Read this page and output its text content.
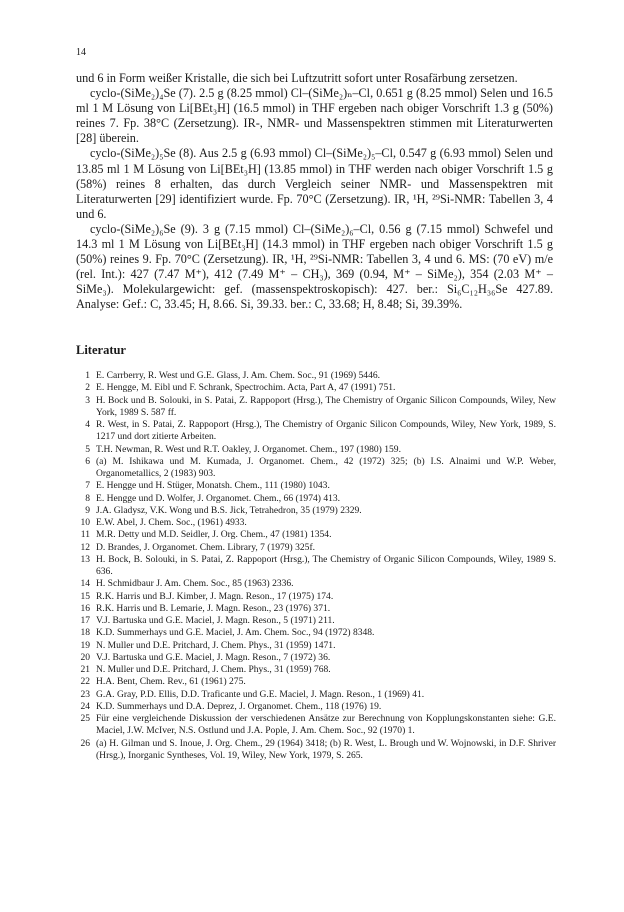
14

und 6 in Form weißer Kristalle, die sich bei Luftzutritt sofort unter Rosafärbung zersetzen.

cyclo-(SiMe₂)₄Se (7). 2.5 g (8.25 mmol) Cl–(SiMe₂)ₙ–Cl, 0.651 g (8.25 mmol) Selen und 16.5 ml 1 M Lösung von Li[BEt₃H] (16.5 mmol) in THF ergeben nach obiger Vorschrift 1.3 g (50%) reines 7. Fp. 38°C (Zersetzung). IR-, NMR- und Massenspektren stimmen mit Literaturwerten [28] überein.

cyclo-(SiMe₂)₅Se (8). Aus 2.5 g (6.93 mmol) Cl–(SiMe₂)₅–Cl, 0.547 g (6.93 mmol) Selen und 13.85 ml 1 M Lösung von Li[BEt₃H] (13.85 mmol) in THF werden nach obiger Vorschrift 1.5 g (58%) reines 8 erhalten, das durch Vergleich seiner NMR- und Massenspektren mit Literaturwerten [29] identifiziert wurde. Fp. 70°C (Zersetzung). IR, ¹H, ²⁹Si-NMR: Tabellen 3, 4 und 6.

cyclo-(SiMe₂)₆Se (9). 3 g (7.15 mmol) Cl–(SiMe₂)₆–Cl, 0.56 g (7.15 mmol) Schwefel und 14.3 ml 1 M Lösung von Li[BEt₃H] (14.3 mmol) in THF ergeben nach obiger Vorschrift 1.5 g (50%) reines 9. Fp. 70°C (Zersetzung). IR, ¹H, ²⁹Si-NMR: Tabellen 3, 4 und 6. MS: (70 eV) m/e (rel. Int.): 427 (7.47 M⁺), 412 (7.49 M⁺ – CH₃), 369 (0.94, M⁺ – SiMe₂), 354 (2.03 M⁺ – SiMe₃). Molekulargewicht: gef. (massenspektroskopisch): 427. ber.: Si₆C₁₂H₃₆Se 427.89. Analyse: Gef.: C, 33.45; H, 8.66. Si, 39.33. ber.: C, 33.68; H, 8.48; Si, 39.39%.

Literatur
1 E. Carrberry, R. West und G.E. Glass, J. Am. Chem. Soc., 91 (1969) 5446.
2 E. Hengge, M. Eibl und F. Schrank, Spectrochim. Acta, Part A, 47 (1991) 751.
3 H. Bock und B. Solouki, in S. Patai, Z. Rappoport (Hrsg.), The Chemistry of Organic Silicon Compounds, Wiley, New York, 1989 S. 587 ff.
4 R. West, in S. Patai, Z. Rappoport (Hrsg.), The Chemistry of Organic Silicon Compounds, Wiley, New York, 1989, S. 1217 und dort zitierte Arbeiten.
5 T.H. Newman, R. West und R.T. Oakley, J. Organomet. Chem., 197 (1980) 159.
6 (a) M. Ishikawa und M. Kumada, J. Organomet. Chem., 42 (1972) 325; (b) I.S. Alnaimi und W.P. Weber, Organometallics, 2 (1983) 903.
7 E. Hengge und H. Stüger, Monatsh. Chem., 111 (1980) 1043.
8 E. Hengge und D. Wolfer, J. Organomet. Chem., 66 (1974) 413.
9 J.A. Gladysz, V.K. Wong und B.S. Jick, Tetrahedron, 35 (1979) 2329.
10 E.W. Abel, J. Chem. Soc., (1961) 4933.
11 M.R. Detty und M.D. Seidler, J. Org. Chem., 47 (1981) 1354.
12 D. Brandes, J. Organomet. Chem. Library, 7 (1979) 325f.
13 H. Bock, B. Solouki, in S. Patai, Z. Rappoport (Hrsg.), The Chemistry of Organic Silicon Compounds, Wiley, 1989 S. 636.
14 H. Schmidbaur J. Am. Chem. Soc., 85 (1963) 2336.
15 R.K. Harris und B.J. Kimber, J. Magn. Reson., 17 (1975) 174.
16 R.K. Harris und B. Lemarie, J. Magn. Reson., 23 (1976) 371.
17 V.J. Bartuska und G.E. Maciel, J. Magn. Reson., 5 (1971) 211.
18 K.D. Summerhays und G.E. Maciel, J. Am. Chem. Soc., 94 (1972) 8348.
19 N. Muller und D.E. Pritchard, J. Chem. Phys., 31 (1959) 1471.
20 V.J. Bartuska und G.E. Maciel, J. Magn. Reson., 7 (1972) 36.
21 N. Muller und D.E. Pritchard, J. Chem. Phys., 31 (1959) 768.
22 H.A. Bent, Chem. Rev., 61 (1961) 275.
23 G.A. Gray, P.D. Ellis, D.D. Traficante und G.E. Maciel, J. Magn. Reson., 1 (1969) 41.
24 K.D. Summerhays und D.A. Deprez, J. Organomet. Chem., 118 (1976) 19.
25 Für eine vergleichende Diskussion der verschiedenen Ansätze zur Berechnung von Kopplungskonstanten siehe: G.E. Maciel, J.W. McIver, N.S. Ostlund und J.A. Pople, J. Am. Chem. Soc., 92 (1970) 1.
26 (a) H. Gilman und S. Inoue, J. Org. Chem., 29 (1964) 3418; (b) R. West, L. Brough und W. Wojnowski, in D.F. Shriver (Hrsg.), Inorganic Syntheses, Vol. 19, Wiley, New York, 1979, S. 265.
